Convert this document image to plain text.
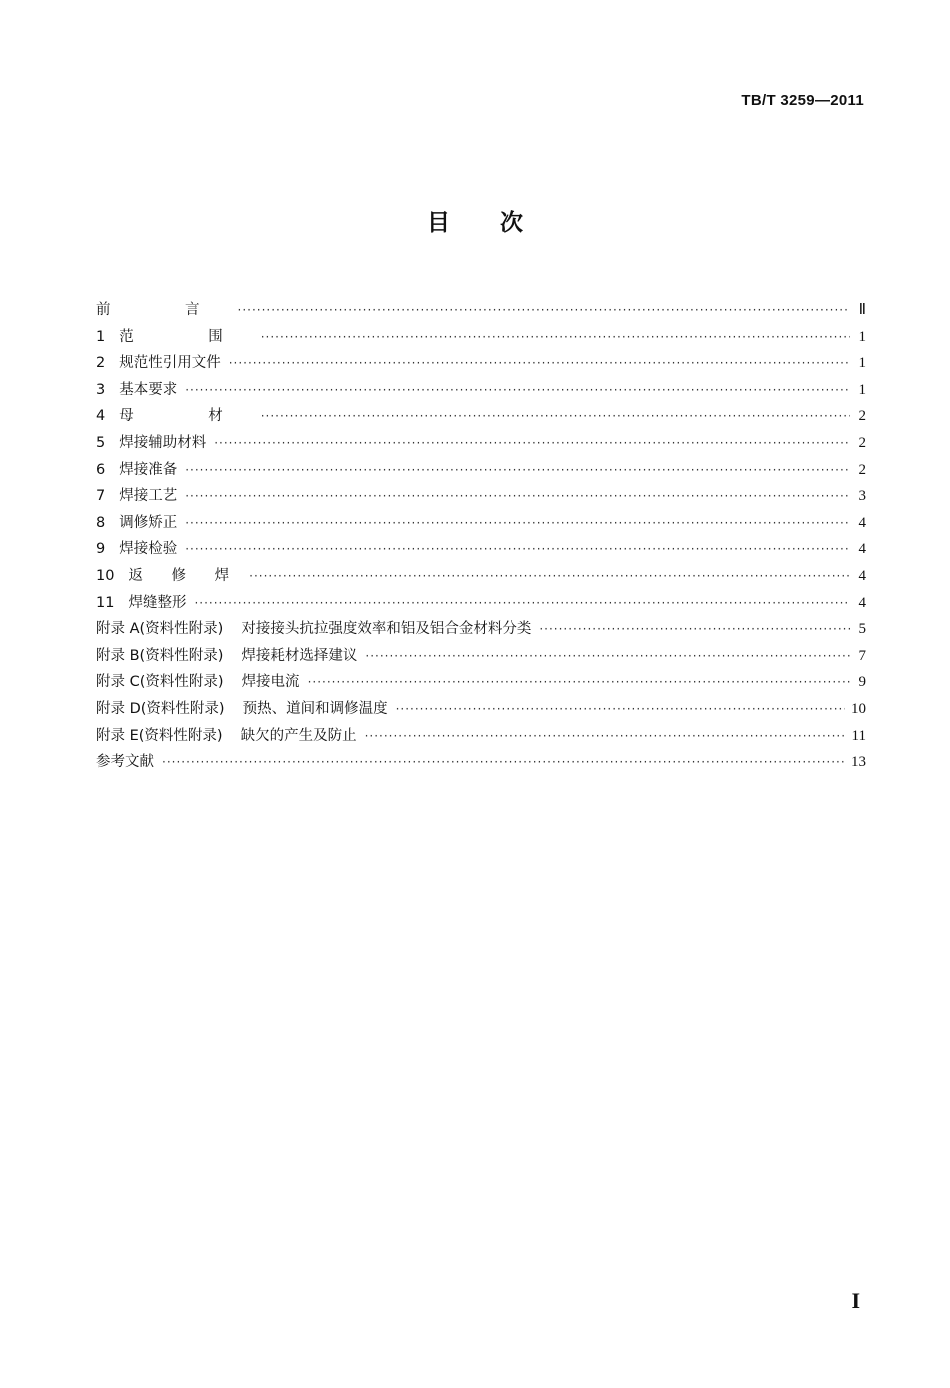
TB/T 3259—2011
目 次
前　言 ·····	Ⅱ
1 范　围 ·····	1
2 规范性引用文件 ·····	1
3 基本要求 ·····	1
4 母　材 ·····	2
5 焊接辅助材料 ·····	2
6 焊接准备 ·····	2
7 焊接工艺 ·····	3
8 调修矫正 ·····	4
9 焊接检验 ·····	4
10 返 修 焊 ·····	4
11 焊缝整形 ·····	4
附录 A(资料性附录) 对接接头抗拉强度效率和铝及铝合金材料分类 ·····	5
附录 B(资料性附录) 焊接耗材选择建议 ·····	7
附录 C(资料性附录) 焊接电流 ·····	9
附录 D(资料性附录) 预热、道间和调修温度 ·····	10
附录 E(资料性附录) 缺欠的产生及防止 ·····	11
参考文献 ·····	13
I
